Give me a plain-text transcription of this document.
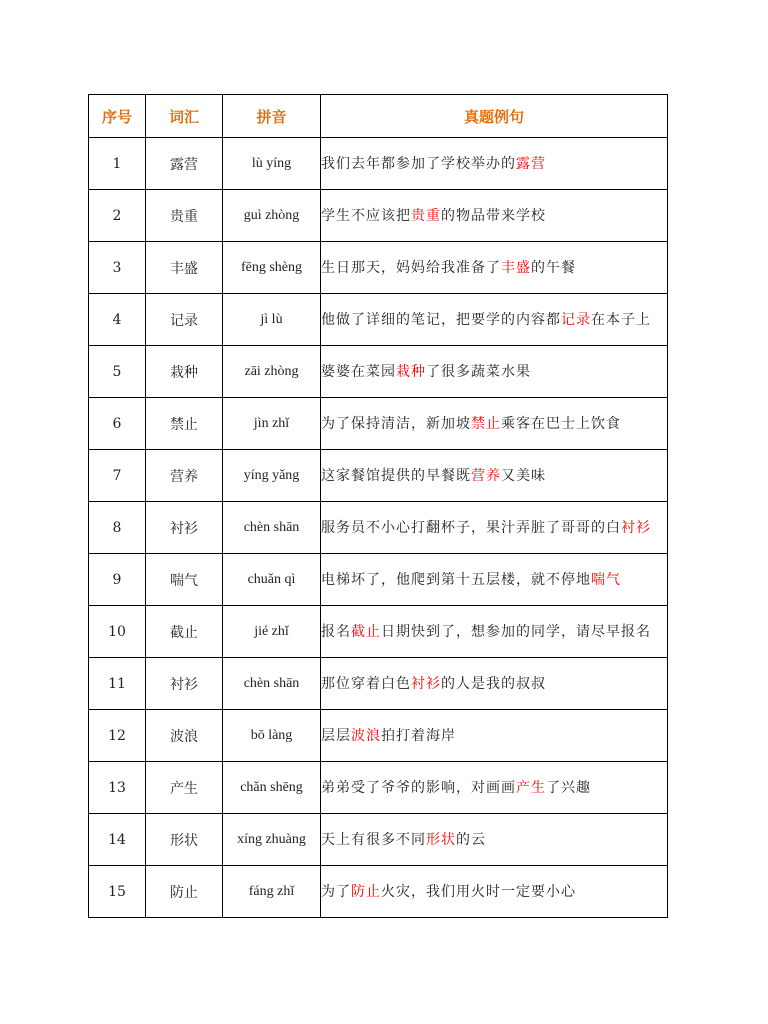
序号	词汇	拼音	真题例句
1	露营	lù yíng	我们去年都参加了学校举办的露营
2	贵重	guì zhòng	学生不应该把贵重的物品带来学校
3	丰盛	fēng shèng	生日那天，妈妈给我准备了丰盛的午餐
4	记录	jì lù	他做了详细的笔记，把要学的内容都记录在本子上
5	栽种	zāi zhòng	婆婆在菜园栽种了很多蔬菜水果
6	禁止	jìn zhǐ	为了保持清洁，新加坡禁止乘客在巴士上饮食
7	营养	yíng yǎng	这家餐馆提供的早餐既营养又美味
8	衬衫	chèn shān	服务员不小心打翻杯子，果汁弄脏了哥哥的白衬衫
9	喘气	chuǎn qì	电梯坏了，他爬到第十五层楼，就不停地喘气
10	截止	jié zhǐ	报名截止日期快到了，想参加的同学，请尽早报名
11	衬衫	chèn shān	那位穿着白色衬衫的人是我的叔叔
12	波浪	bō làng	层层波浪拍打着海岸
13	产生	chǎn shēng	弟弟受了爷爷的影响，对画画产生了兴趣
14	形状	xíng zhuàng	天上有很多不同形状的云
15	防止	fáng zhǐ	为了防止火灾，我们用火时一定要小心
